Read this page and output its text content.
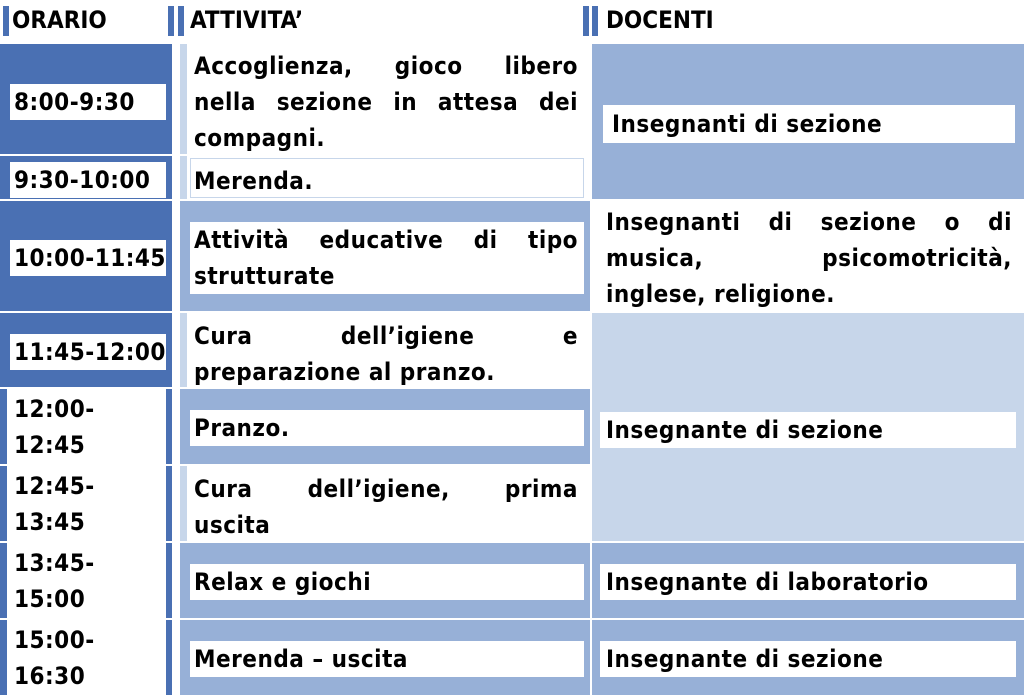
ORARIO	ATTIVITA’	DOCENTI
8:00-9:30
9:30-10:00
10:00-11:45
11:45-12:00
12:00-
12:45
12:45-
13:45
13:45-
15:00
15:00-
16:30
Accoglienza, gioco libero
nella sezione in attesa dei
compagni.
Merenda.
Attività educative di tipo
strutturate
Cura dell’igiene e
preparazione al pranzo.
Pranzo.
Cura dell’igiene, prima
uscita
Relax e giochi
Merenda – uscita
Insegnanti di sezione
Insegnanti di sezione o di
musica, psicomotricità,
inglese, religione.
Insegnante di sezione
Insegnante di laboratorio
Insegnante di sezione
